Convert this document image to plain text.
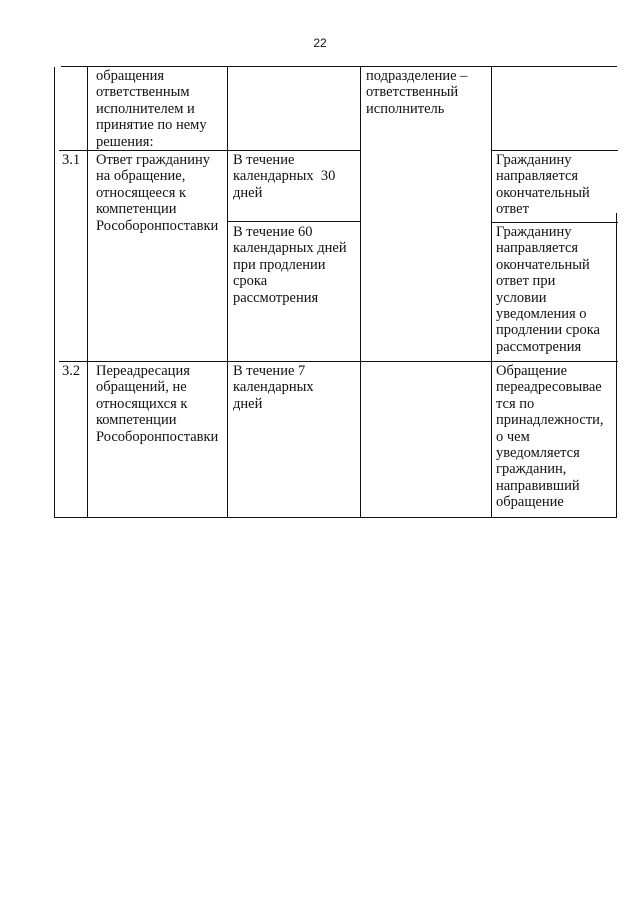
22
обращения
ответственным
исполнителем и
принятие по нему
решения:
подразделение –
ответственный
исполнитель
3.1 Ответ гражданину
на обращение,
относящееся к
компетенции
Рособоронпоставки
В течение
календарных  30
дней
Гражданину
направляется
окончательный
ответ
В течение 60
календарных дней
при продлении
срока
рассмотрения
Гражданину
направляется
окончательный
ответ при
условии
уведомления о
продлении срока
рассмотрения
3.2 Переадресация
обращений, не
относящихся к
компетенции
Рособоронпоставки
В течение 7
календарных
дней
Обращение
переадресовывае
тся по
принадлежности,
о чем
уведомляется
гражданин,
направивший
обращение
